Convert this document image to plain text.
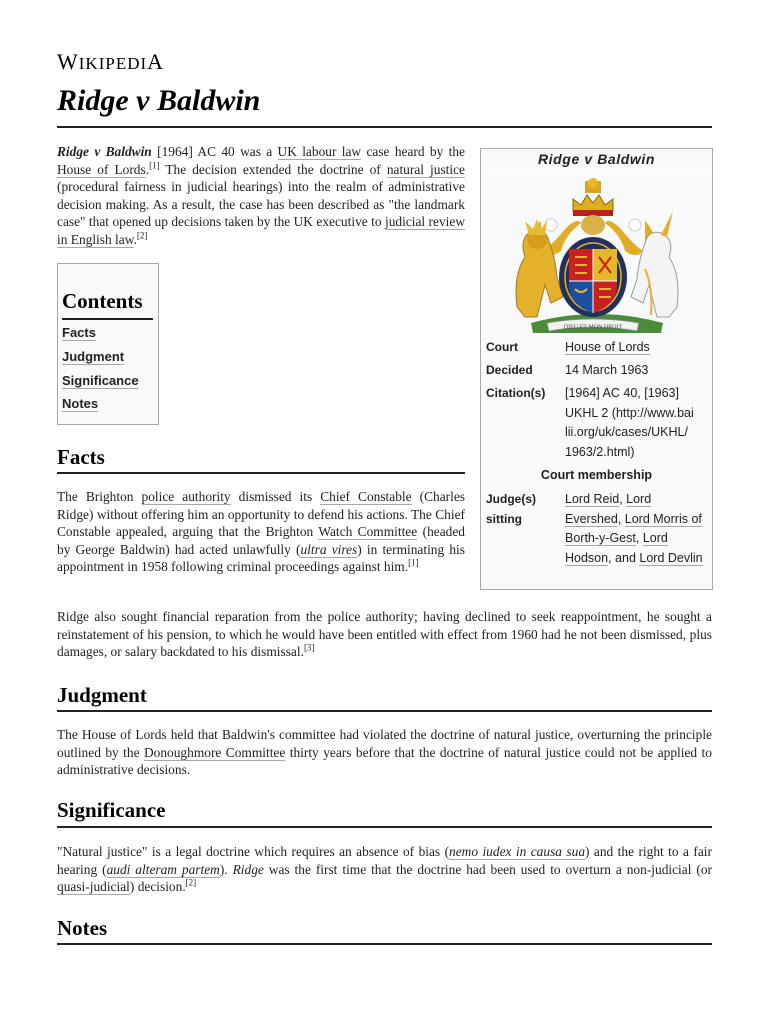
WIKIPEDIA
Ridge v Baldwin

Ridge v Baldwin [1964] AC 40 was a UK labour law case heard by the House of Lords.[1] The decision extended the doctrine of natural justice (procedural fairness in judicial hearings) into the realm of administrative decision making. As a result, the case has been described as "the landmark case" that opened up decisions taken by the UK executive to judicial review in English law.[2]

Contents
Facts
Judgment
Significance
Notes
Ridge v Baldwin
DIEU ET MON DROIT
Court	House of Lords
Decided	14 March 1963
Citation(s) [1964] AC 40, [1963]
UKHL 2 (http://www.bai
lii.org/uk/cases/UKHL/
1963/2.html)
Court membership
Judge(s)
sitting
Lord Reid, Lord Evershed, Lord Morris of Borth-y-Gest, Lord Hodson, and Lord Devlin
Facts

The Brighton police authority dismissed its Chief Constable (Charles Ridge) without offering him an opportunity to defend his actions. The Chief Constable appealed, arguing that the Brighton Watch Committee (headed by George Baldwin) had acted unlawfully (ultra vires) in terminating his appointment in 1958 following criminal proceedings against him.[1]

Ridge also sought financial reparation from the police authority; having declined to seek reappointment, he sought a reinstatement of his pension, to which he would have been entitled with effect from 1960 had he not been dismissed, plus damages, or salary backdated to his dismissal.[3]

Judgment

The House of Lords held that Baldwin's committee had violated the doctrine of natural justice, overturning the principle outlined by the Donoughmore Committee thirty years before that the doctrine of natural justice could not be applied to administrative decisions.

Significance

"Natural justice" is a legal doctrine which requires an absence of bias (nemo iudex in causa sua) and the right to a fair hearing (audi alteram partem). Ridge was the first time that the doctrine had been used to overturn a non-judicial (or quasi-judicial) decision.[2]

Notes
